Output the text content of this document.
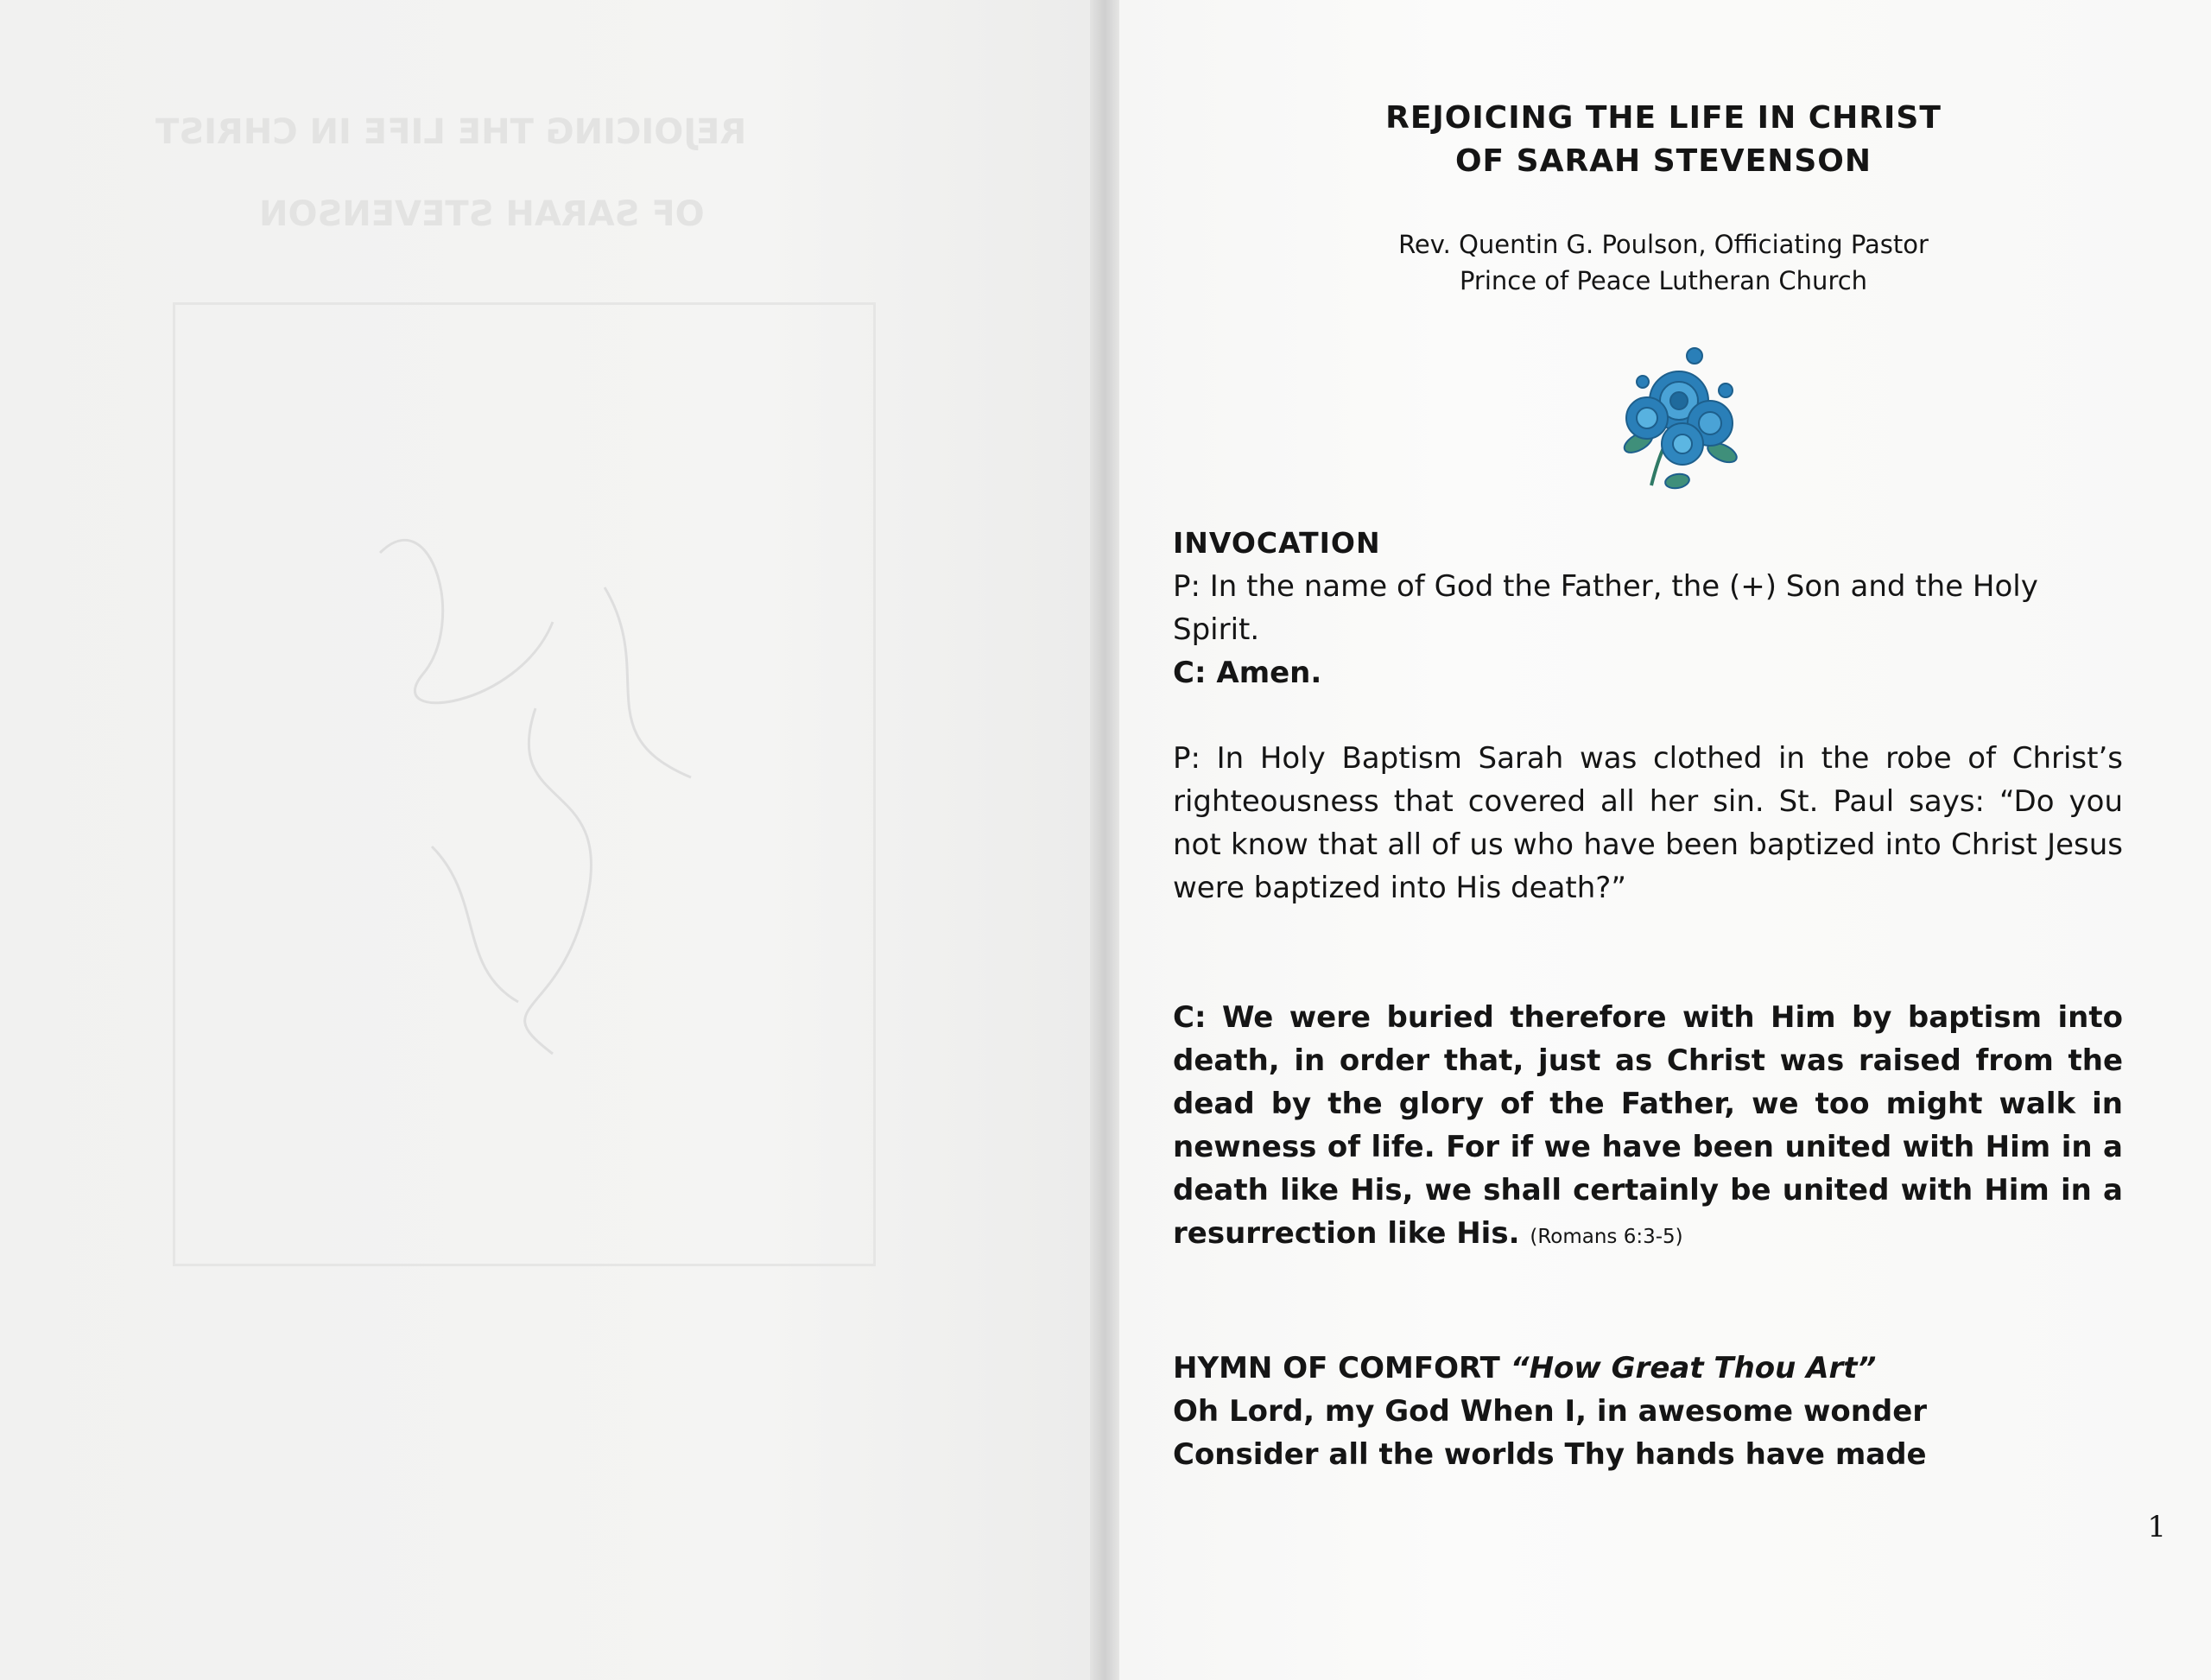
REJOICING THE LIFE IN CHRIST
OF SARAH STEVENSON
REJOICING THE LIFE IN CHRIST
OF SARAH STEVENSON
Rev. Quentin G. Poulson, Officiating Pastor
Prince of Peace Lutheran Church
INVOCATION
P: In the name of God the Father, the (+) Son and the Holy Spirit.
C: Amen.
P: In Holy Baptism Sarah was clothed in the robe of Christ’s righteousness that covered all her sin. St. Paul says: “Do you not know that all of us who have been baptized into Christ Jesus were baptized into His death?”
C: We were buried therefore with Him by baptism into death, in order that, just as Christ was raised from the dead by the glory of the Father, we too might walk in newness of life. For if we have been united with Him in a death like His, we shall certainly be united with Him in a resurrection like His. (Romans 6:3-5)
HYMN OF COMFORT “How Great Thou Art”
Oh Lord, my God When I, in awesome wonder
Consider all the worlds Thy hands have made
1
